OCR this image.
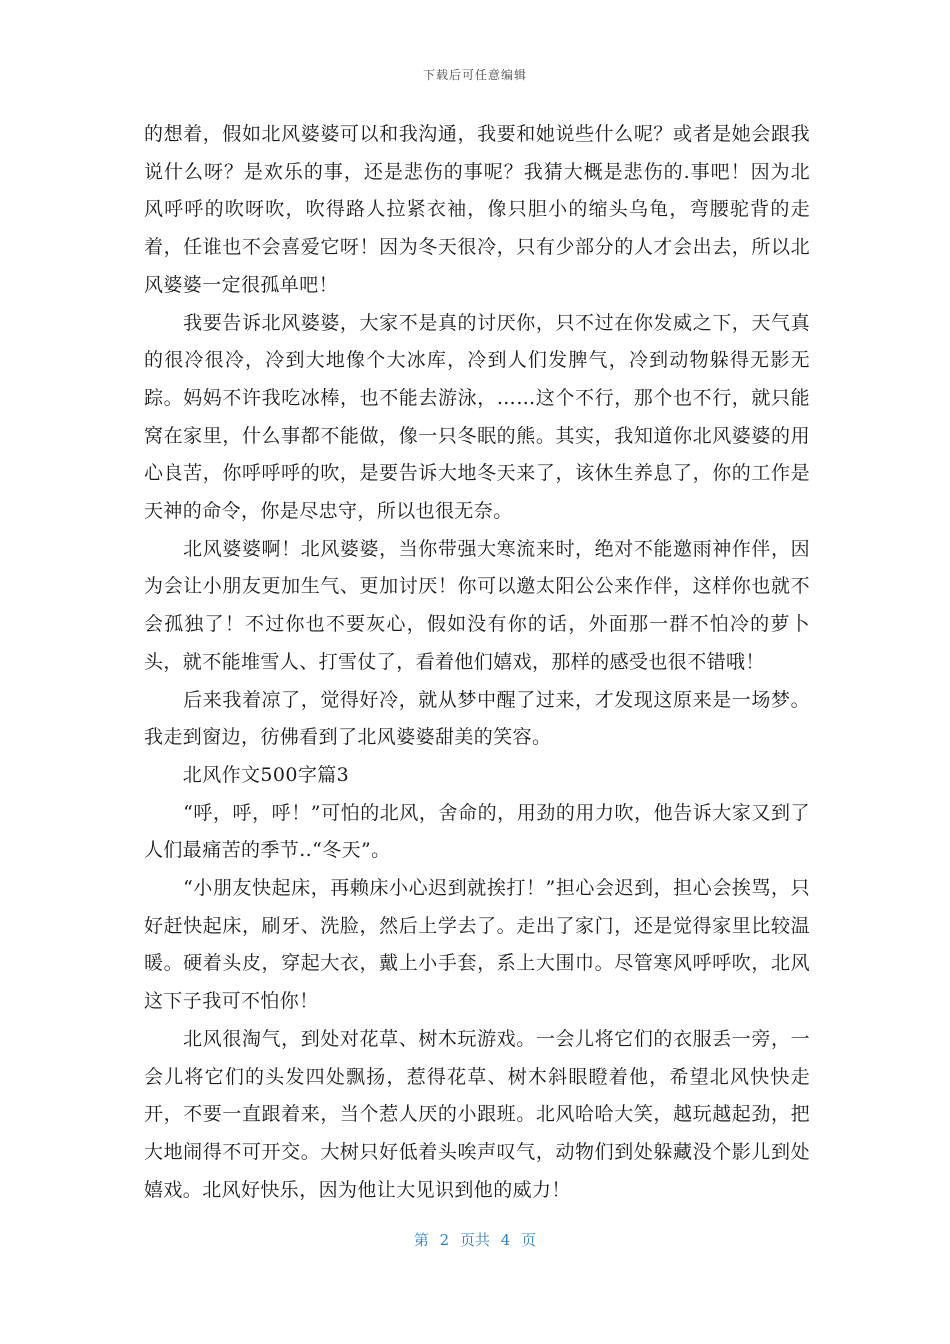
下载后可任意编辑

的想着，假如北风婆婆可以和我沟通，我要和她说些什么呢？或者是她会跟我说什么呀？是欢乐的事，还是悲伤的事呢？我猜大概是悲伤的.事吧！因为北风呼呼的吹呀吹，吹得路人拉紧衣袖，像只胆小的缩头乌龟，弯腰驼背的走着，任谁也不会喜爱它呀！因为冬天很冷，只有少部分的人才会出去，所以北风婆婆一定很孤单吧！

　　我要告诉北风婆婆，大家不是真的讨厌你，只不过在你发威之下，天气真的很冷很冷，冷到大地像个大冰库，冷到人们发脾气，冷到动物躲得无影无踪。妈妈不许我吃冰棒，也不能去游泳，……这个不行，那个也不行，就只能窝在家里，什么事都不能做，像一只冬眠的熊。其实，我知道你北风婆婆的用心良苦，你呼呼呼的吹，是要告诉大地冬天来了，该休生养息了，你的工作是天神的命令，你是尽忠守，所以也很无奈。

　　北风婆婆啊！北风婆婆，当你带强大寒流来时，绝对不能邀雨神作伴，因为会让小朋友更加生气、更加讨厌！你可以邀太阳公公来作伴，这样你也就不会孤独了！不过你也不要灰心，假如没有你的话，外面那一群不怕冷的萝卜头，就不能堆雪人、打雪仗了，看着他们嬉戏，那样的感受也很不错哦！

　　后来我着凉了，觉得好冷，就从梦中醒了过来，才发现这原来是一场梦。我走到窗边，彷佛看到了北风婆婆甜美的笑容。

　　北风作文500字篇3

　　“呼，呼，呼！”可怕的北风，舍命的，用劲的用力吹，他告诉大家又到了人们最痛苦的季节..“冬天”。

　　“小朋友快起床，再赖床小心迟到就挨打！”担心会迟到，担心会挨骂，只好赶快起床，刷牙、洗脸，然后上学去了。走出了家门，还是觉得家里比较温暖。硬着头皮，穿起大衣，戴上小手套，系上大围巾。尽管寒风呼呼吹，北风这下子我可不怕你！

　　北风很淘气，到处对花草、树木玩游戏。一会儿将它们的衣服丢一旁，一会儿将它们的头发四处飘扬，惹得花草、树木斜眼瞪着他，希望北风快快走开，不要一直跟着来，当个惹人厌的小跟班。北风哈哈大笑，越玩越起劲，把大地闹得不可开交。大树只好低着头唉声叹气，动物们到处躲藏没个影儿到处嬉戏。北风好快乐，因为他让大见识到他的威力！

第 2 页共 4 页
